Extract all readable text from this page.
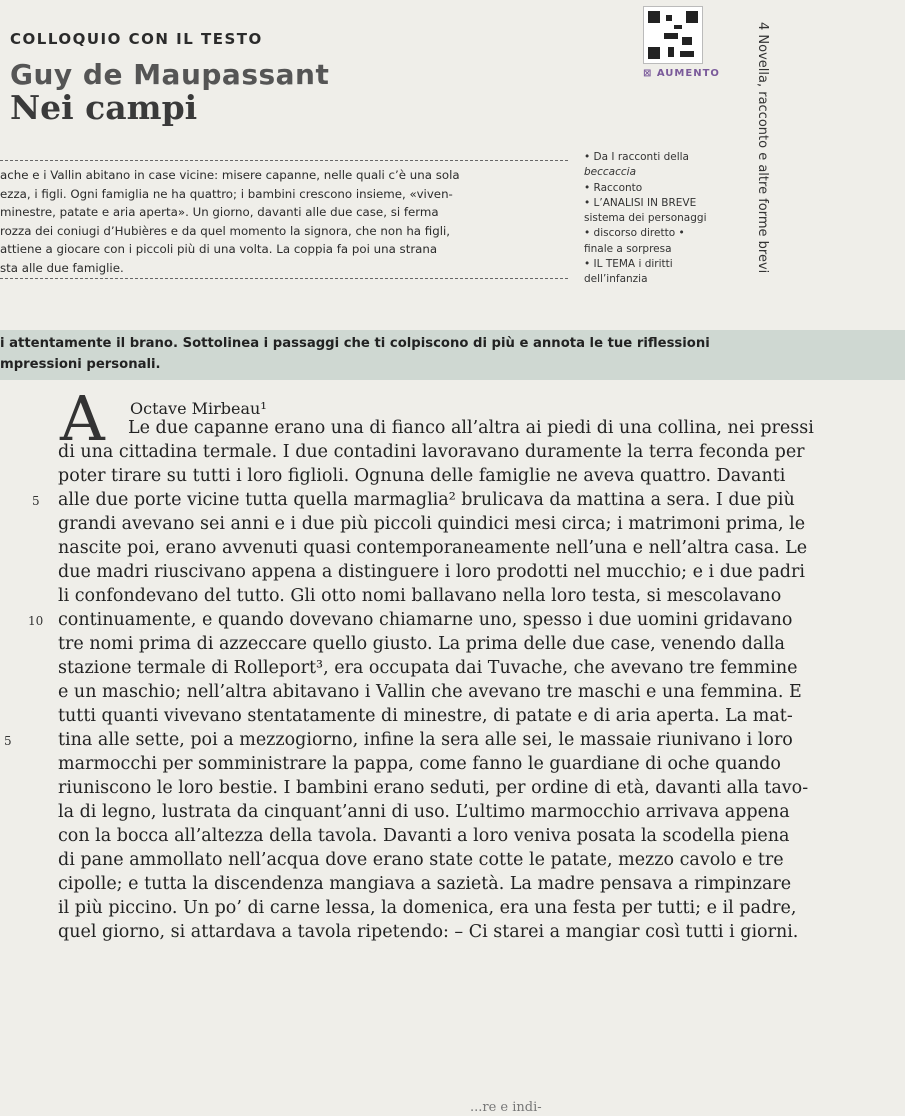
COLLOQUIO CON IL TESTO
Guy de Maupassant
Nei campi
⊠ AUMENTO	4 Novella, racconto e altre forme brevi

ache e i Vallin abitano in case vicine: misere capanne, nelle quali c’è una sola

ezza, i figli. Ogni famiglia ne ha quattro; i bambini crescono insieme, «viven-

minestre, patate e aria aperta». Un giorno, davanti alle due case, si ferma

rozza dei coniugi d’Hubières e da quel momento la signora, che non ha figli,

attiene a giocare con i piccoli più di una volta. La coppia fa poi una strana

sta alle due famiglie.

• Da I racconti della

beccaccia

• Racconto

• L’ANALISI IN BREVE

sistema dei personaggi

• discorso diretto •

finale a sorpresa

• IL TEMA i diritti

dell’infanzia

i attentamente il brano. Sottolinea i passaggi che ti colpiscono di più e annota le tue riflessioni

mpressioni personali.

A Octave Mirbeau¹
Le due capanne erano una di fianco all’altra ai piedi di una collina, nei pressi
di una cittadina termale. I due contadini lavoravano duramente la terra feconda per
poter tirare su tutti i loro figlioli. Ognuna delle famiglie ne aveva quattro. Davanti
alle due porte vicine tutta quella marmaglia² brulicava da mattina a sera. I due più
grandi avevano sei anni e i due più piccoli quindici mesi circa; i matrimoni prima, le
nascite poi, erano avvenuti quasi contemporaneamente nell’una e nell’altra casa. Le
due madri riuscivano appena a distinguere i loro prodotti nel mucchio; e i due padri
li confondevano del tutto. Gli otto nomi ballavano nella loro testa, si mescolavano
continuamente, e quando dovevano chiamarne uno, spesso i due uomini gridavano
tre nomi prima di azzeccare quello giusto. La prima delle due case, venendo dalla
stazione termale di Rolleport³, era occupata dai Tuvache, che avevano tre femmine
e un maschio; nell’altra abitavano i Vallin che avevano tre maschi e una femmina. E
tutti quanti vivevano stentatamente di minestre, di patate e di aria aperta. La mat-
tina alle sette, poi a mezzogiorno, infine la sera alle sei, le massaie riunivano i loro
marmocchi per somministrare la pappa, come fanno le guardiane di oche quando
riuniscono le loro bestie. I bambini erano seduti, per ordine di età, davanti alla tavo-
la di legno, lustrata da cinquant’anni di uso. L’ultimo marmocchio arrivava appena
con la bocca all’altezza della tavola. Davanti a loro veniva posata la scodella piena
di pane ammollato nell’acqua dove erano state cotte le patate, mezzo cavolo e tre
cipolle; e tutta la discendenza mangiava a sazietà. La madre pensava a rimpinzare
il più piccino. Un po’ di carne lessa, la domenica, era una festa per tutti; e il padre,
quel giorno, si attardava a tavola ripetendo: – Ci starei a mangiar così tutti i giorni.
5
10
5
...re e indi-
